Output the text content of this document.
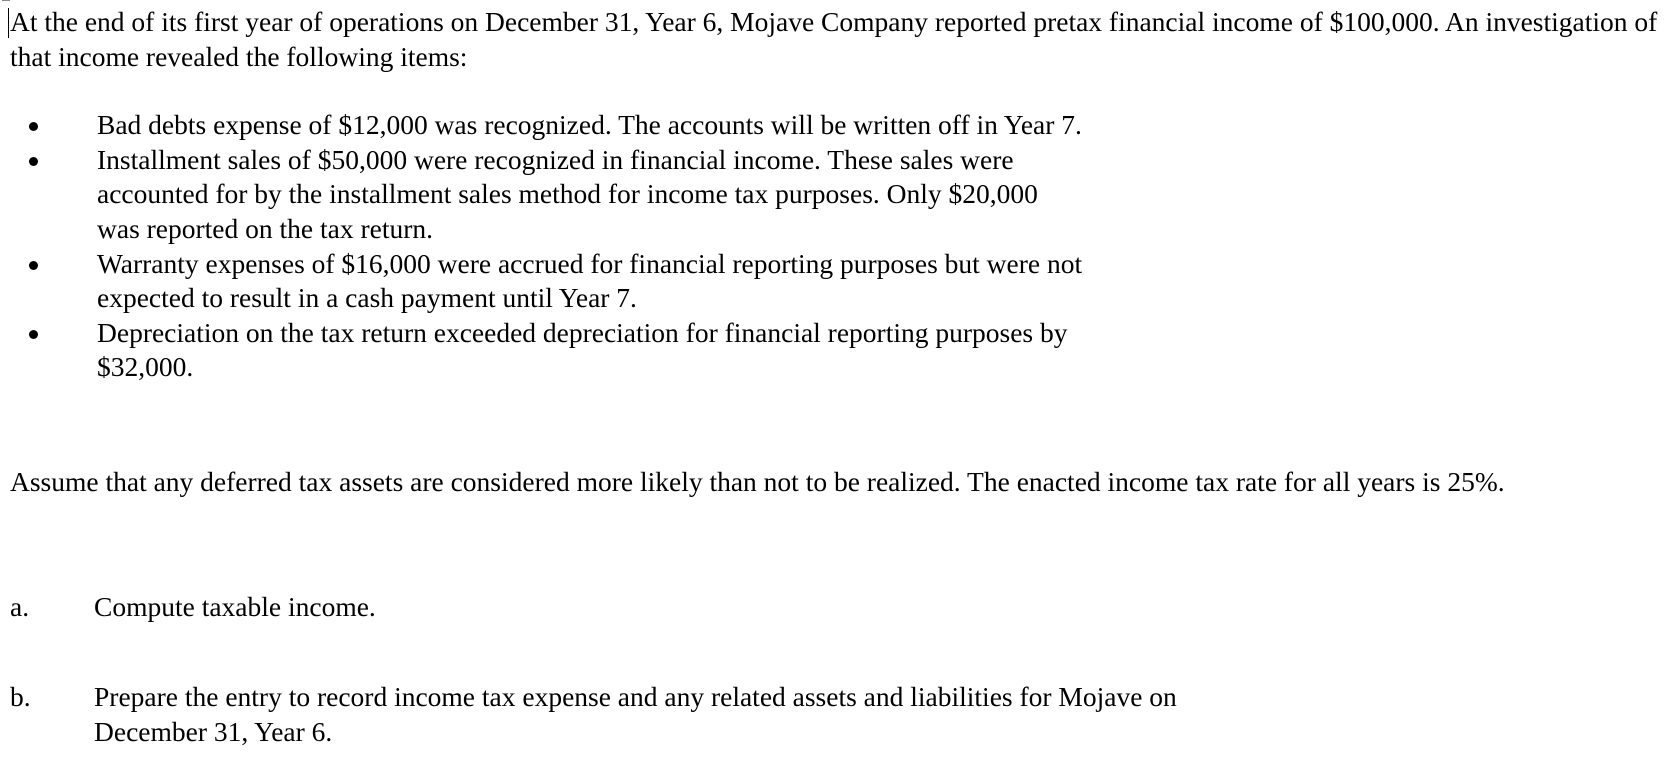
At the end of its first year of operations on December 31, Year 6, Mojave Company reported pretax financial income of $100,000. An investigation of that income revealed the following items:

Bad debts expense of $12,000 was recognized. The accounts will be written off in Year 7.
Installment sales of $50,000 were recognized in financial income. These sales were accounted for by the installment sales method for income tax purposes. Only $20,000 was reported on the tax return.
Warranty expenses of $16,000 were accrued for financial reporting purposes but were not expected to result in a cash payment until Year 7.
Depreciation on the tax return exceeded depreciation for financial reporting purposes by $32,000.

Assume that any deferred tax assets are considered more likely than not to be realized. The enacted income tax rate for all years is 25%.

a. Compute taxable income.
b. Prepare the entry to record income tax expense and any related assets and liabilities for Mojave on December 31, Year 6.
